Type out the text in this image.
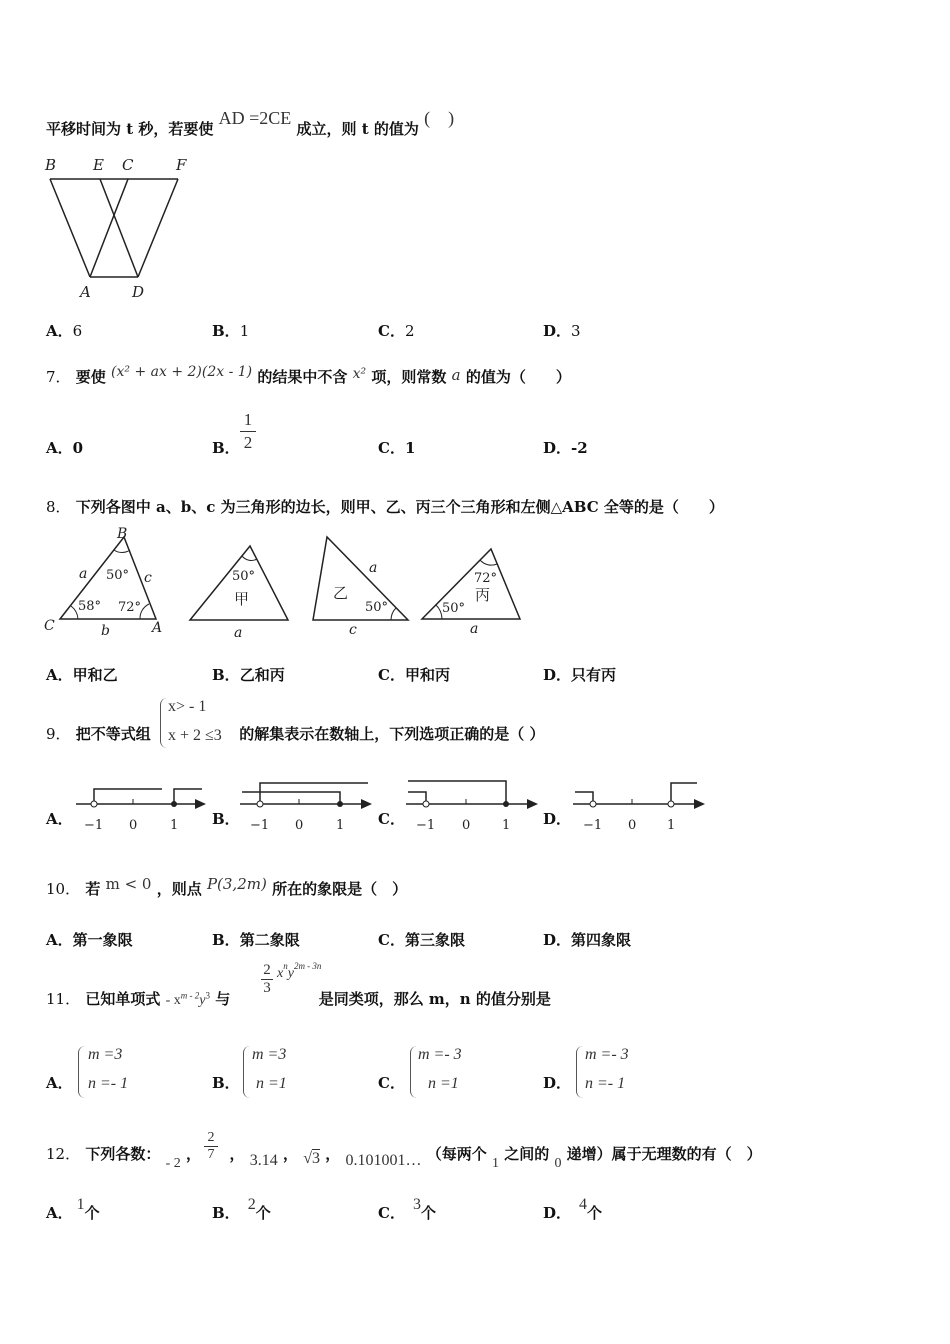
平移时间为 t 秒，若要使 AD =2CE 成立，则 t 的值为 (　)
B E C	F
A	D
A．6	B．1	C．2	D．3
7． 要使 (x² + ax + 2)(2x - 1) 的结果中不含 x² 项，则常数 a 的值为（　　）
A．0	B．
1
2	C．1	D．-2
8． 下列各图中 a、b、c 为三角形的边长，则甲、乙、丙三个三角形和左侧△ABC 全等的是（　　）
B
C	A
a
b
c
50°
58° 72°
50°
甲
a
a
乙
50°
c
72°
丙
50°
a
A．甲和乙	B．乙和丙	C．甲和丙	D．只有丙
9． 把不等式组	的解集表示在数轴上，下列选项正确的是（ ）
x> - 1
x + 2 ≤3
−1 0	1	−1 0	1	−1 0 1	−1 0 1
A．	B．	C．	D．
10． 若 m < 0 ，则点 P(3,2m) 所在的象限是（　）
A．第一象限	B．第二象限	C．第三象限	D．第四象限
11． 已知单项式 - $x^{m - 2}y^3$ 与	是同类项，那么 m，n 的值分别是
$\frac{2}{3} x^ny^{2m - 3n}$
A．
m =3
n =- 1	B．
m =3
n =1	C．
m =- 3
n =1	D．
m =- 3
n =- 1
12． 下列各数： - 2 ， ， 3.14 ， √3 ， 0.101001… （每两个 1 之间的 0 递增）属于无理数的有（　）
2
7
A． 1个	B． 2个	C． 3个	D． 4个
